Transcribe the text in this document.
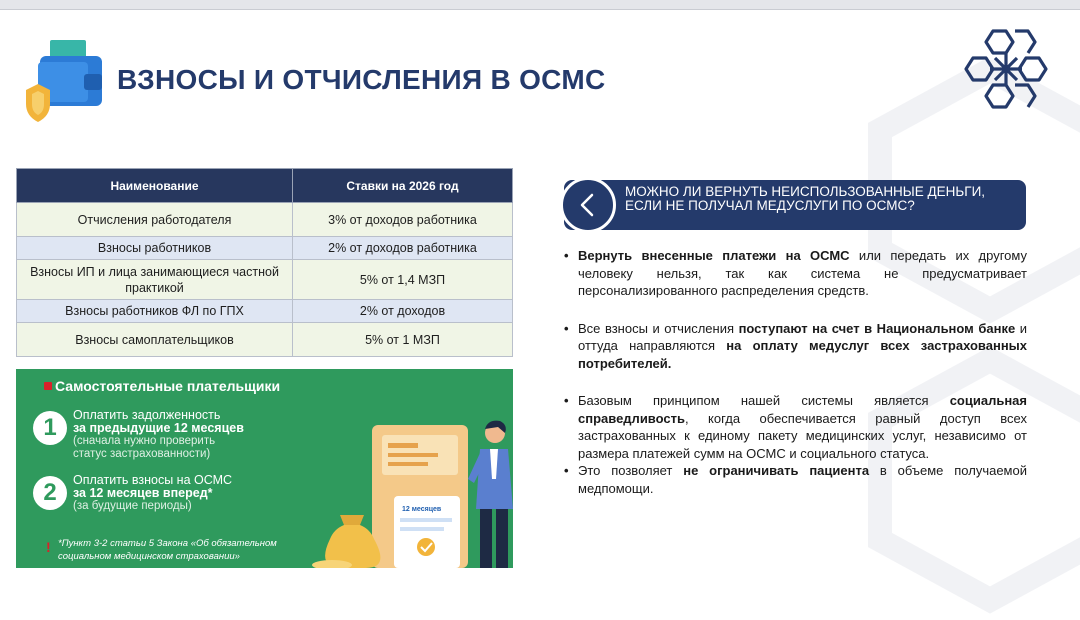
ВЗНОСЫ И ОТЧИСЛЕНИЯ В ОСМС
Наименование	Ставки на 2026 год
Отчисления работодателя	3% от доходов работника
Взносы работников	2% от доходов работника
Взносы ИП и лица занимающиеся частной практикой	5% от 1,4 МЗП
Взносы работников ФЛ по ГПХ	2% от доходов
Взносы самоплательщиков	5% от 1 МЗП
Самостоятельные плательщики
1	Оплатить задолженность
за предыдущие 12 месяцев
(сначала нужно проверить
статус застрахованности)
2	Оплатить взносы на ОСМС
за 12 месяцев вперед*
(за будущие периоды)
! *Пункт 3-2 статьи 5 Закона «Об обязательном
социальном медицинском страховании»
12 месяцев
МОЖНО ЛИ ВЕРНУТЬ НЕИСПОЛЬЗОВАННЫЕ ДЕНЬГИ, ЕСЛИ НЕ ПОЛУЧАЛ МЕДУСЛУГИ ПО ОСМС?
• Вернуть внесенные платежи на ОСМС или передать их другому человеку нельзя, так как система не предусматривает персонализированного распределения средств.
• Все взносы и отчисления поступают на счет в Национальном банке и оттуда направляются на оплату медуслуг всех застрахованных потребителей.
• Базовым принципом нашей системы является социальная справедливость, когда обеспечивается равный доступ всех застрахованных к единому пакету медицинских услуг, независимо от размера платежей сумм на ОСМС и социального статуса.
• Это позволяет не ограничивать пациента в объеме получаемой медпомощи.
